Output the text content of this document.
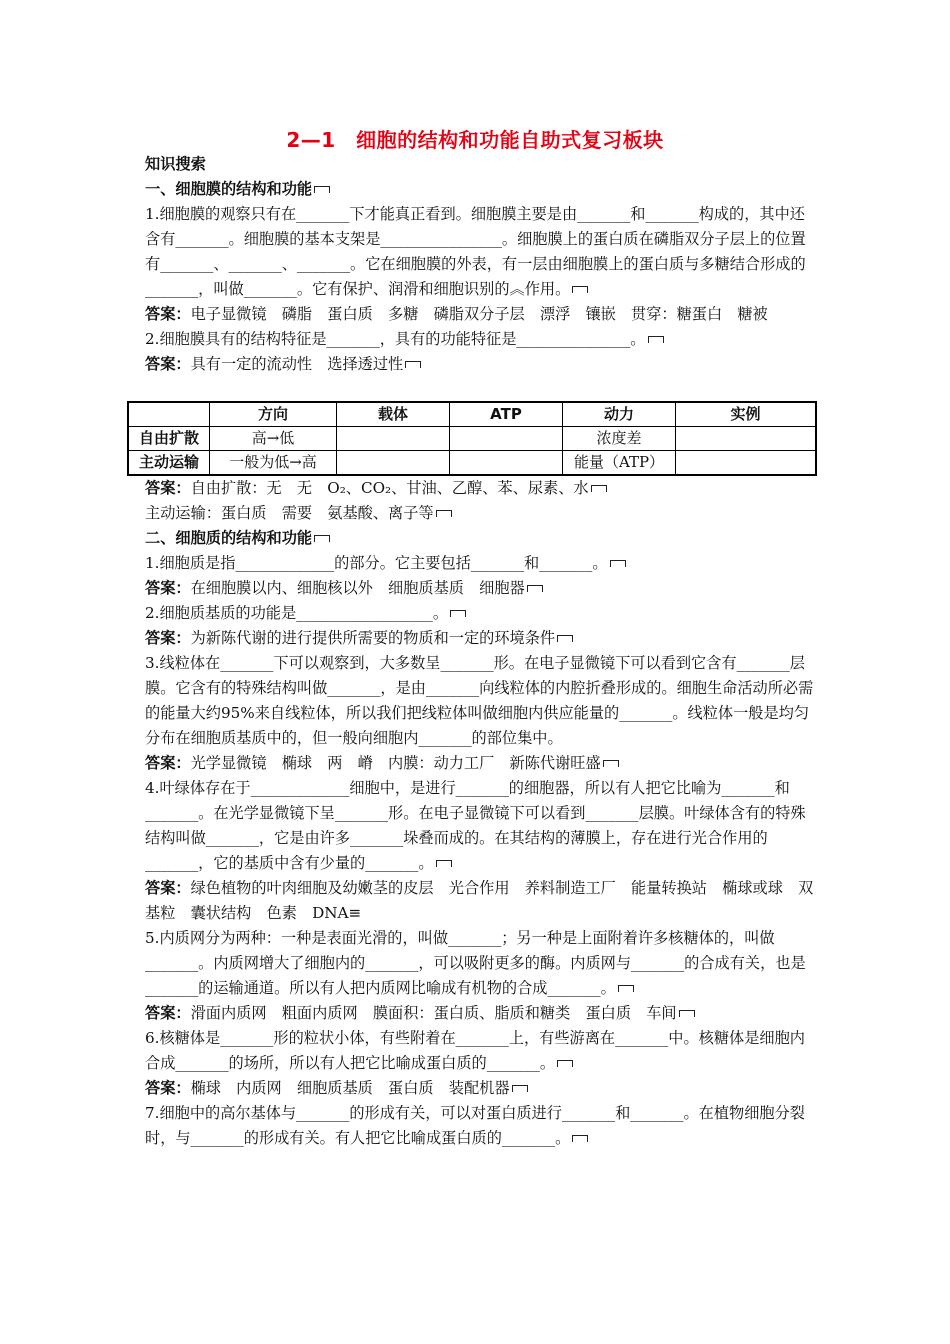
2—1　细胞的结构和功能自助式复习板块

知识搜索

一、细胞膜的结构和功能

1.细胞膜的观察只有在_______下才能真正看到。细胞膜主要是由_______和_______构成的，其中还含有_______。细胞膜的基本支架是________________。细胞膜上的蛋白质在磷脂双分子层上的位置有_______、_______、_______。它在细胞膜的外表，有一层由细胞膜上的蛋白质与多糖结合形成的_______，叫做_______。它有保护、润滑和细胞识别的︽作用。

答案：电子显微镜　磷脂　蛋白质　多糖　磷脂双分子层　漂浮　镶嵌　贯穿：糖蛋白　糖被

2.细胞膜具有的结构特征是_______，具有的功能特征是_______________。

答案：具有一定的流动性　选择透过性

	方向	载体	ATP	动力	实例
自由扩散	高→低			浓度差	
主动运输	一般为低→高			能量（ATP）	

答案：自由扩散：无　无　O₂、CO₂、甘油、乙醇、苯、尿素、水

主动运输：蛋白质　需要　氨基酸、离子等

二、细胞质的结构和功能

1.细胞质是指_____________的部分。它主要包括_______和_______。

答案：在细胞膜以内、细胞核以外　细胞质基质　细胞器

2.细胞质基质的功能是__________________。

答案：为新陈代谢的进行提供所需要的物质和一定的环境条件

3.线粒体在_______下可以观察到，大多数呈_______形。在电子显微镜下可以看到它含有_______层膜。它含有的特殊结构叫做_______，是由_______向线粒体的内腔折叠形成的。细胞生命活动所必需的能量大约95%来自线粒体，所以我们把线粒体叫做细胞内供应能量的_______。线粒体一般是均匀分布在细胞质基质中的，但一般向细胞内_______的部位集中。

答案：光学显微镜　椭球　两　嵴　内膜：动力工厂　新陈代谢旺盛

4.叶绿体存在于_____________细胞中，是进行_______的细胞器，所以有人把它比喻为_______和_______。在光学显微镜下呈_______形。在电子显微镜下可以看到_______层膜。叶绿体含有的特殊结构叫做_______，它是由许多_______垛叠而成的。在其结构的薄膜上，存在进行光合作用的_______，它的基质中含有少量的_______。

答案：绿色植物的叶肉细胞及幼嫩茎的皮层　光合作用　养料制造工厂　能量转换站　椭球或球　双　基粒　囊状结构　色素　DNA≡

5.内质网分为两种：一种是表面光滑的，叫做_______；另一种是上面附着许多核糖体的，叫做_______。内质网增大了细胞内的_______，可以吸附更多的酶。内质网与_______的合成有关，也是_______的运输通道。所以有人把内质网比喻成有机物的合成_______。

答案：滑面内质网　粗面内质网　膜面积：蛋白质、脂质和糖类　蛋白质　车间

6.核糖体是_______形的粒状小体，有些附着在_______上，有些游离在_______中。核糖体是细胞内合成_______的场所，所以有人把它比喻成蛋白质的_______。

答案：椭球　内质网　细胞质基质　蛋白质　装配机器

7.细胞中的高尔基体与_______的形成有关，可以对蛋白质进行_______和_______。在植物细胞分裂时，与_______的形成有关。有人把它比喻成蛋白质的_______。
